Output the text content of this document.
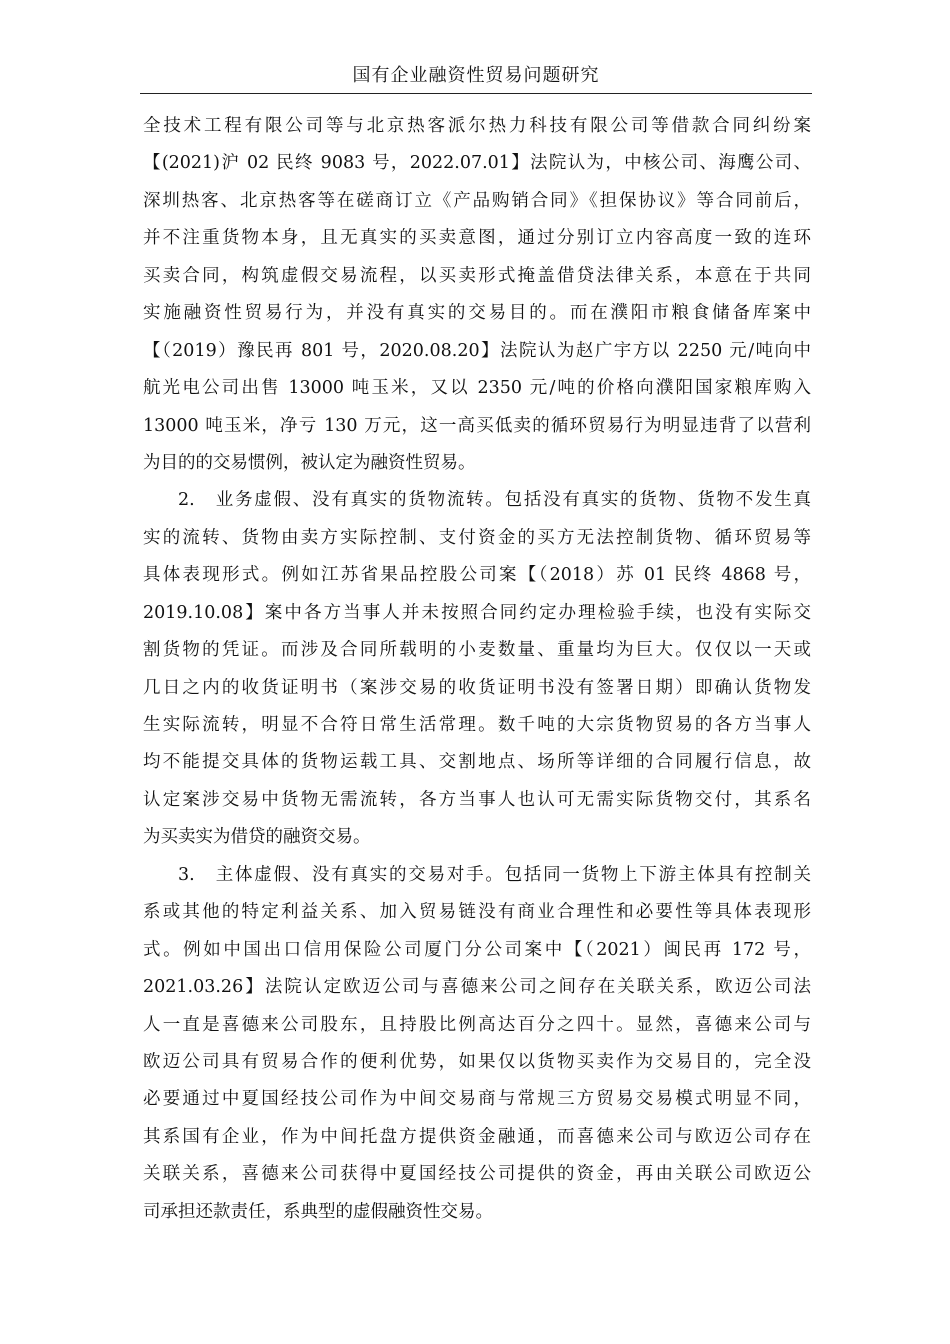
国有企业融资性贸易问题研究
全技术工程有限公司等与北京热客派尔热力科技有限公司等借款合同纠纷案
【(2021)沪 02 民终 9083 号，2022.07.01】法院认为，中核公司、海鹰公司、
深圳热客、北京热客等在磋商订立《产品购销合同》《担保协议》等合同前后，
并不注重货物本身，且无真实的买卖意图，通过分别订立内容高度一致的连环
买卖合同，构筑虚假交易流程，以买卖形式掩盖借贷法律关系，本意在于共同
实施融资性贸易行为，并没有真实的交易目的。而在濮阳市粮食储备库案中
【（2019）豫民再 801 号，2020.08.20】法院认为赵广宇方以 2250 元/吨向中
航光电公司出售 13000 吨玉米，又以 2350 元/吨的价格向濮阳国家粮库购入
13000 吨玉米，净亏 130 万元，这一高买低卖的循环贸易行为明显违背了以营利
为目的的交易惯例，被认定为融资性贸易。
2.　业务虚假、没有真实的货物流转。包括没有真实的货物、货物不发生真
实的流转、货物由卖方实际控制、支付资金的买方无法控制货物、循环贸易等
具体表现形式。例如江苏省果品控股公司案【（2018）苏 01 民终 4868 号，
2019.10.08】案中各方当事人并未按照合同约定办理检验手续，也没有实际交
割货物的凭证。而涉及合同所载明的小麦数量、重量均为巨大。仅仅以一天或
几日之内的收货证明书（案涉交易的收货证明书没有签署日期）即确认货物发
生实际流转，明显不合符日常生活常理。数千吨的大宗货物贸易的各方当事人
均不能提交具体的货物运载工具、交割地点、场所等详细的合同履行信息，故
认定案涉交易中货物无需流转，各方当事人也认可无需实际货物交付，其系名
为买卖实为借贷的融资交易。
3.　主体虚假、没有真实的交易对手。包括同一货物上下游主体具有控制关
系或其他的特定利益关系、加入贸易链没有商业合理性和必要性等具体表现形
式。例如中国出口信用保险公司厦门分公司案中【（2021）闽民再 172 号，
2021.03.26】法院认定欧迈公司与喜德来公司之间存在关联关系，欧迈公司法
人一直是喜德来公司股东，且持股比例高达百分之四十。显然，喜德来公司与
欧迈公司具有贸易合作的便利优势，如果仅以货物买卖作为交易目的，完全没
必要通过中夏国经技公司作为中间交易商与常规三方贸易交易模式明显不同，
其系国有企业，作为中间托盘方提供资金融通，而喜德来公司与欧迈公司存在
关联关系，喜德来公司获得中夏国经技公司提供的资金，再由关联公司欧迈公
司承担还款责任，系典型的虚假融资性交易。
